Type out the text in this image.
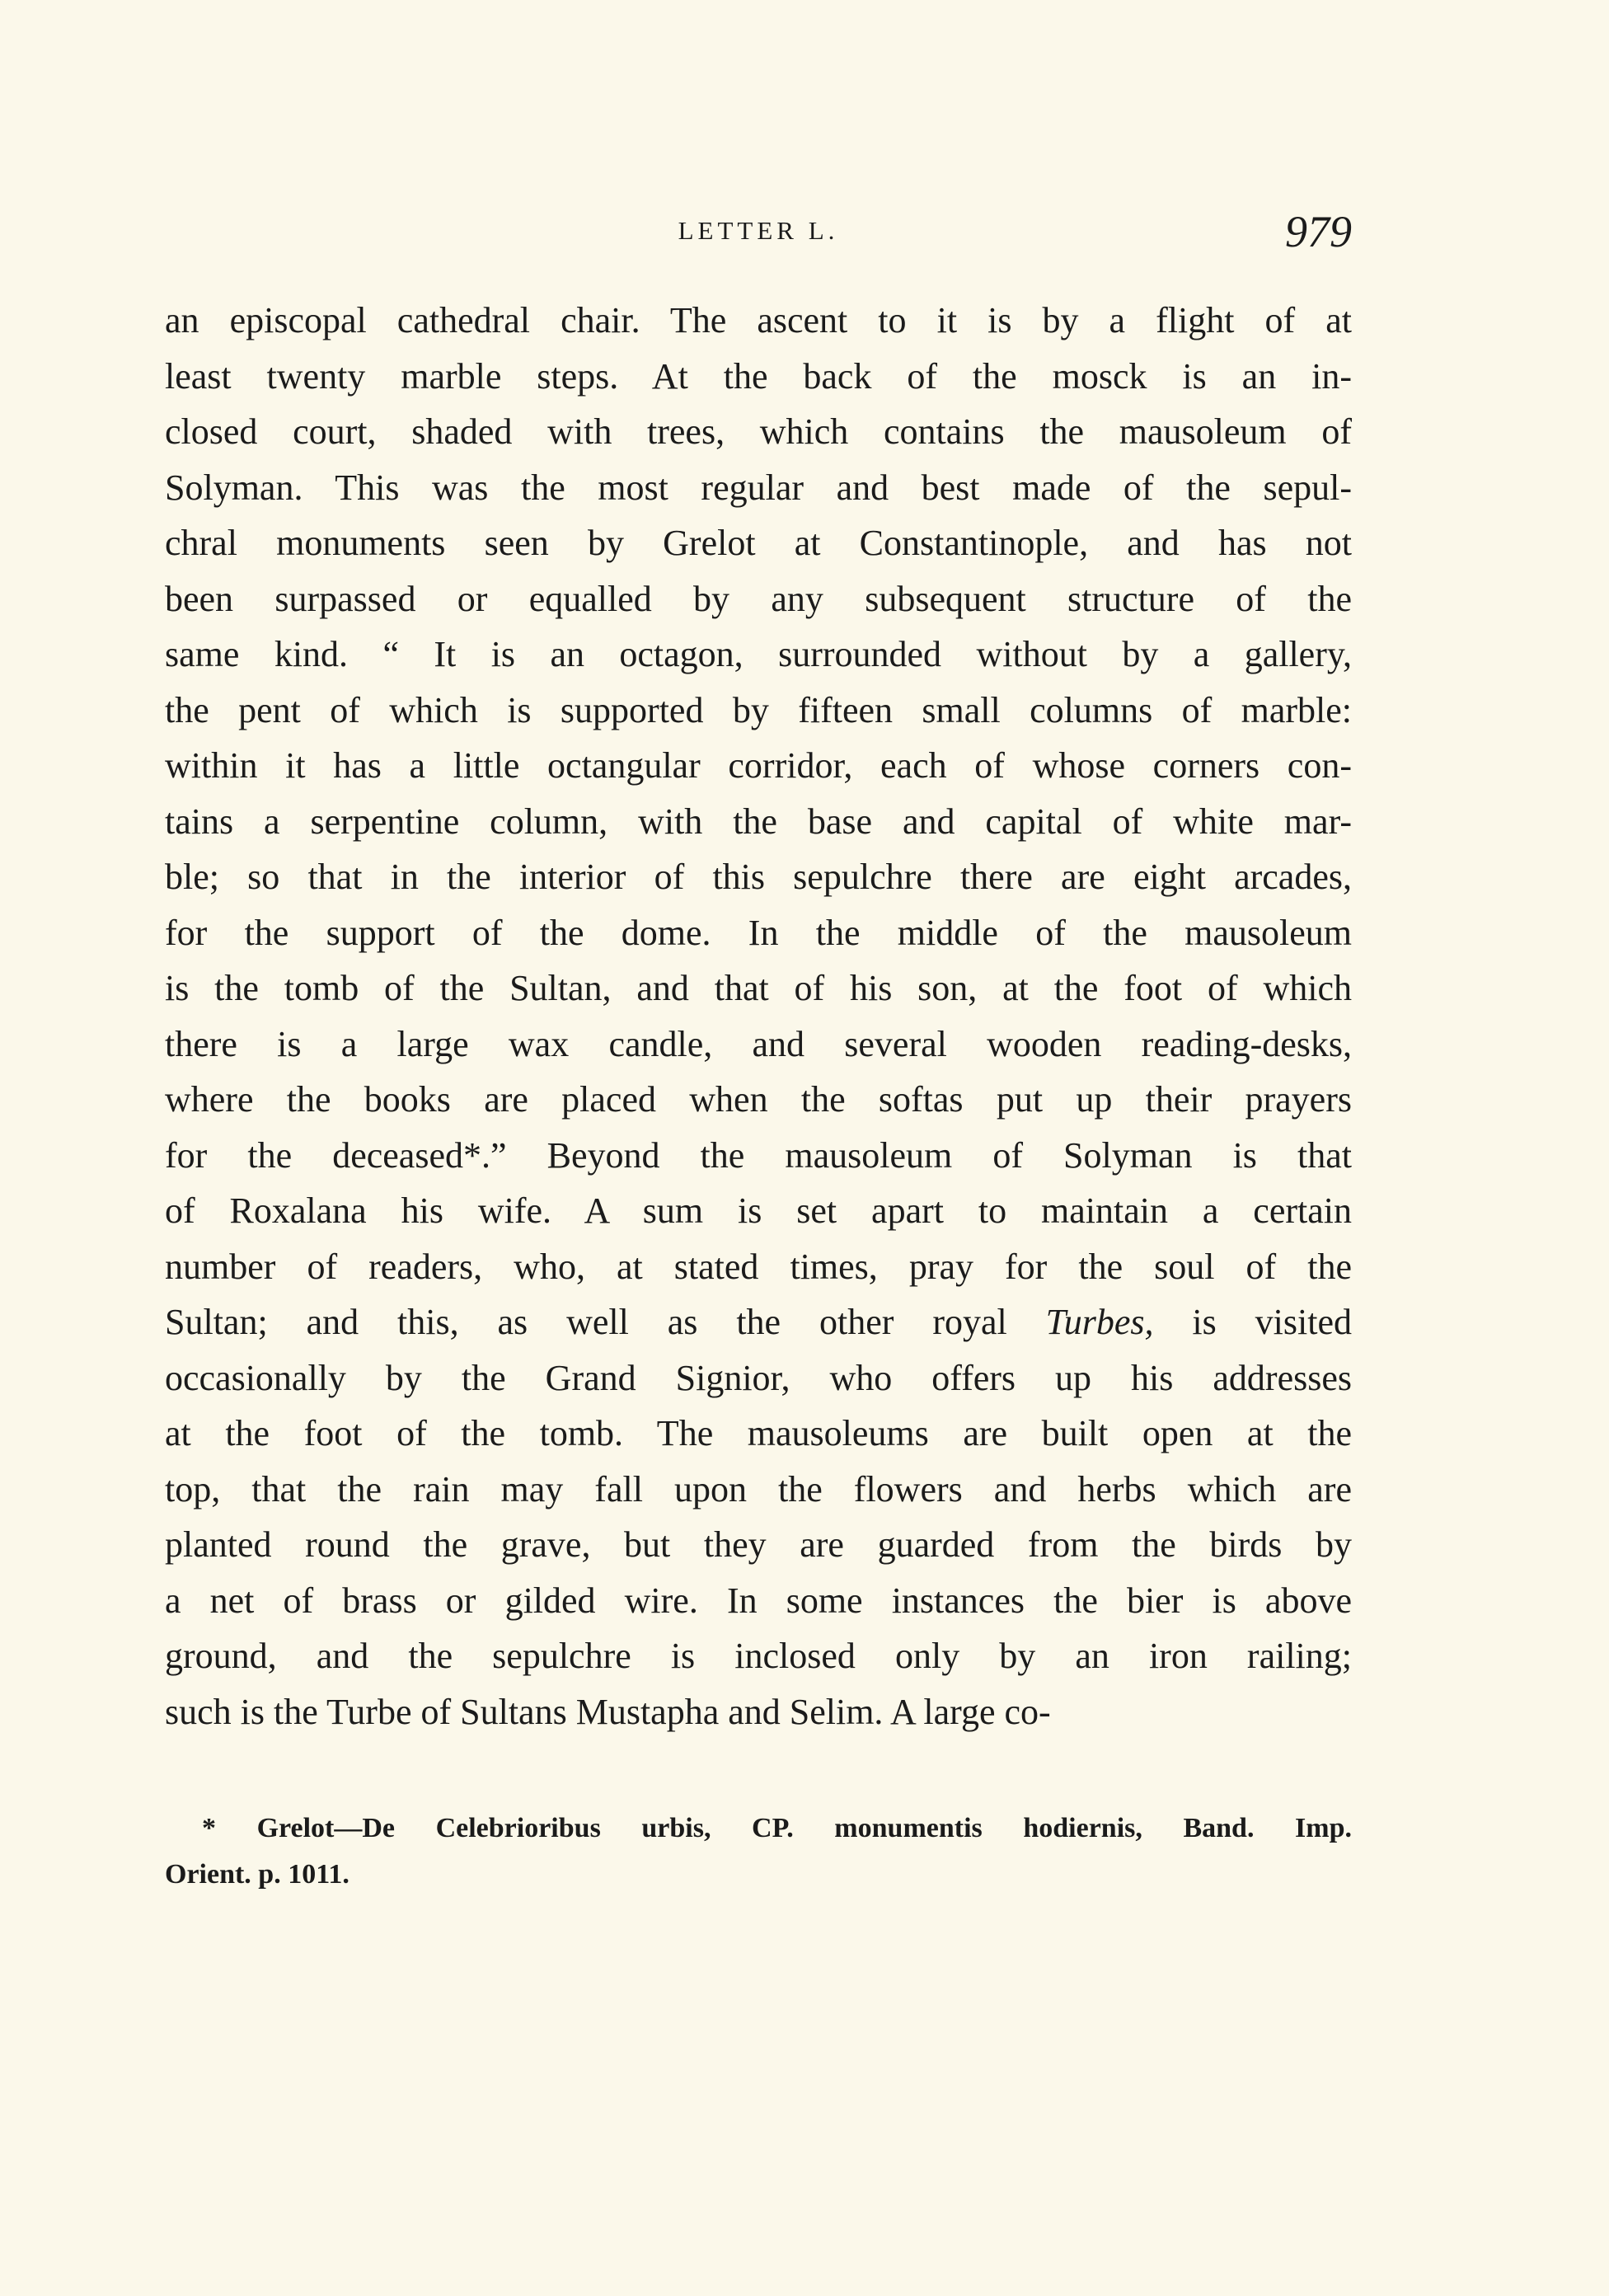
LETTER L.	979
an episcopal cathedral chair. The ascent to it is by a flight of at
least twenty marble steps. At the back of the mosck is an in-
closed court, shaded with trees, which contains the mausoleum of
Solyman. This was the most regular and best made of the sepul-
chral monuments seen by Grelot at Constantinople, and has not
been surpassed or equalled by any subsequent structure of the
same kind. “ It is an octagon, surrounded without by a gallery,
the pent of which is supported by fifteen small columns of marble:
within it has a little octangular corridor, each of whose corners con-
tains a serpentine column, with the base and capital of white mar-
ble; so that in the interior of this sepulchre there are eight arcades,
for the support of the dome. In the middle of the mausoleum
is the tomb of the Sultan, and that of his son, at the foot of which
there is a large wax candle, and several wooden reading-desks,
where the books are placed when the softas put up their prayers
for the deceased*.” Beyond the mausoleum of Solyman is that
of Roxalana his wife. A sum is set apart to maintain a certain
number of readers, who, at stated times, pray for the soul of the
Sultan; and this, as well as the other royal Turbes, is visited
occasionally by the Grand Signior, who offers up his addresses
at the foot of the tomb. The mausoleums are built open at the
top, that the rain may fall upon the flowers and herbs which are
planted round the grave, but they are guarded from the birds by
a net of brass or gilded wire. In some instances the bier is above
ground, and the sepulchre is inclosed only by an iron railing;
such is the Turbe of Sultans Mustapha and Selim. A large co-
* Grelot—De Celebrioribus urbis, CP. monumentis hodiernis, Band. Imp.
Orient. p. 1011.
